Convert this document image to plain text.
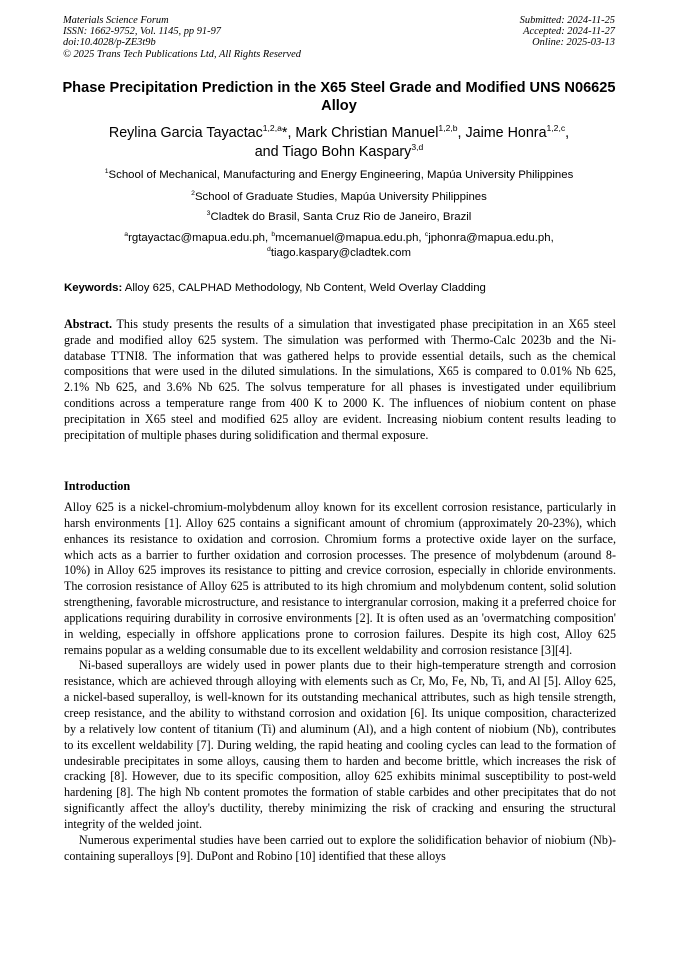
Materials Science Forum
ISSN: 1662-9752, Vol. 1145, pp 91-97
doi:10.4028/p-ZE3t9b
© 2025 Trans Tech Publications Ltd, All Rights Reserved
Submitted: 2024-11-25
Accepted: 2024-11-27
Online: 2025-03-13
Phase Precipitation Prediction in the X65 Steel Grade and Modified UNS N06625 Alloy
Reylina Garcia Tayactac$^{1,2,a}$*, Mark Christian Manuel$^{1,2,b}$, Jaime Honra$^{1,2,c}$,
and Tiago Bohn Kaspary$^{3,d}$
$^1$School of Mechanical, Manufacturing and Energy Engineering, Mapúa University Philippines
$^2$School of Graduate Studies, Mapúa University Philippines
$^3$Cladtek do Brasil, Santa Cruz Rio de Janeiro, Brazil
$^a$rgtayactac@mapua.edu.ph, $^b$mcemanuel@mapua.edu.ph, $^c$jphonra@mapua.edu.ph,
$^d$tiago.kaspary@cladtek.com
Keywords: Alloy 625, CALPHAD Methodology, Nb Content, Weld Overlay Cladding
Abstract. This study presents the results of a simulation that investigated phase precipitation in an X65 steel grade and modified alloy 625 system. The simulation was performed with Thermo-Calc 2023b and the Ni-database TTNI8. The information that was gathered helps to provide essential details, such as the chemical compositions that were used in the diluted simulations. In the simulations, X65 is compared to 0.01% Nb 625, 2.1% Nb 625, and 3.6% Nb 625. The solvus temperature for all phases is investigated under equilibrium conditions across a temperature range from 400 K to 2000 K. The influences of niobium content on phase precipitation in X65 steel and modified 625 alloy are evident. Increasing niobium content results leading to precipitation of multiple phases during solidification and thermal exposure.
Introduction

Alloy 625 is a nickel-chromium-molybdenum alloy known for its excellent corrosion resistance, particularly in harsh environments [1]. Alloy 625 contains a significant amount of chromium (approximately 20-23%), which enhances its resistance to oxidation and corrosion. Chromium forms a protective oxide layer on the surface, which acts as a barrier to further oxidation and corrosion processes. The presence of molybdenum (around 8-10%) in Alloy 625 improves its resistance to pitting and crevice corrosion, especially in chloride environments. The corrosion resistance of Alloy 625 is attributed to its high chromium and molybdenum content, solid solution strengthening, favorable microstructure, and resistance to intergranular corrosion, making it a preferred choice for applications requiring durability in corrosive environments [2]. It is often used as an 'overmatching composition' in welding, especially in offshore applications prone to corrosion failures. Despite its high cost, Alloy 625 remains popular as a welding consumable due to its excellent weldability and corrosion resistance [3][4].

Ni-based superalloys are widely used in power plants due to their high-temperature strength and corrosion resistance, which are achieved through alloying with elements such as Cr, Mo, Fe, Nb, Ti, and Al [5]. Alloy 625, a nickel-based superalloy, is well-known for its outstanding mechanical attributes, such as high tensile strength, creep resistance, and the ability to withstand corrosion and oxidation [6]. Its unique composition, characterized by a relatively low content of titanium (Ti) and aluminum (Al), and a high content of niobium (Nb), contributes to its excellent weldability [7]. During welding, the rapid heating and cooling cycles can lead to the formation of undesirable precipitates in some alloys, causing them to harden and become brittle, which increases the risk of cracking [8]. However, due to its specific composition, alloy 625 exhibits minimal susceptibility to post-weld hardening [8]. The high Nb content promotes the formation of stable carbides and other precipitates that do not significantly affect the alloy's ductility, thereby minimizing the risk of cracking and ensuring the structural integrity of the welded joint.

Numerous experimental studies have been carried out to explore the solidification behavior of niobium (Nb)-containing superalloys [9]. DuPont and Robino [10] identified that these alloys
